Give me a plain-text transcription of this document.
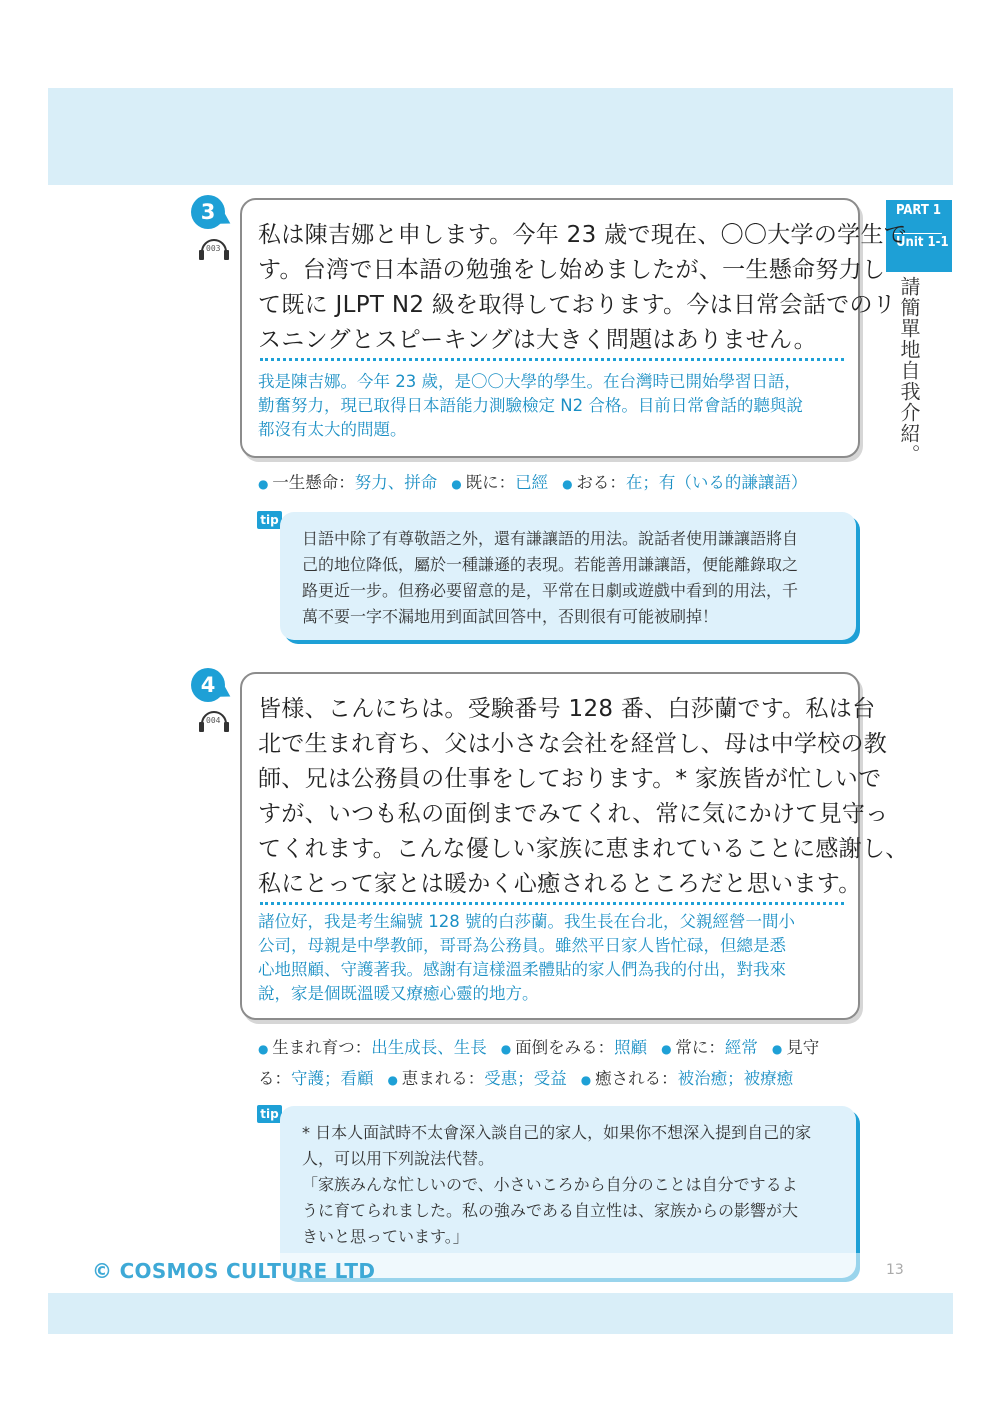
PART 1
Unit 1-1
請簡單地自我介紹。
3
003
私は陳吉娜と申します。今年 23 歳で現在、〇〇大学の学生で
す。台湾で日本語の勉強をし始めましたが、一生懸命努力し
て既に JLPT N2 級を取得しております。今は日常会話でのリ
スニングとスピーキングは大きく問題はありません。
我是陳吉娜。今年 23 歲，是〇〇大學的學生。在台灣時已開始學習日語，
勤奮努力，現已取得日本語能力測驗檢定 N2 合格。目前日常會話的聽與說
都沒有太大的問題。
● 一生懸命：努力、拼命 ● 既に：已經 ● おる：在；有（いる的謙讓語）
tip
日語中除了有尊敬語之外，還有謙讓語的用法。說話者使用謙讓語將自
己的地位降低，屬於一種謙遜的表現。若能善用謙讓語，便能離錄取之
路更近一步。但務必要留意的是，平常在日劇或遊戲中看到的用法，千
萬不要一字不漏地用到面試回答中，否則很有可能被刷掉！
4
004 皆様、こんにちは。受験番号 128 番、白莎蘭です。私は台
北で生まれ育ち、父は小さな会社を経営し、母は中学校の教
師、兄は公務員の仕事をしております。* 家族皆が忙しいで
すが、いつも私の面倒までみてくれ、常に気にかけて見守っ
てくれます。こんな優しい家族に恵まれていることに感謝し、
私にとって家とは暖かく心癒されるところだと思います。
諸位好，我是考生編號 128 號的白莎蘭。我生長在台北，父親經營一間小
公司，母親是中學教師，哥哥為公務員。雖然平日家人皆忙碌，但總是悉
心地照顧、守護著我。感謝有這樣溫柔體貼的家人們為我的付出，對我來
說，家是個既溫暖又療癒心靈的地方。
● 生まれ育つ：出生成長、生長 ● 面倒をみる：照顧 ● 常に：經常 ● 見守
る：守護；看顧 ● 恵まれる：受惠；受益 ● 癒される：被治癒；被療癒
tip
* 日本人面試時不太會深入談自己的家人，如果你不想深入提到自己的家
人，可以用下列說法代替。
「家族みんな忙しいので、小さいころから自分のことは自分でするよ
うに育てられました。私の強みである自立性は、家族からの影響が大
きいと思っています。」
© COSMOS CULTURE LTD	13
